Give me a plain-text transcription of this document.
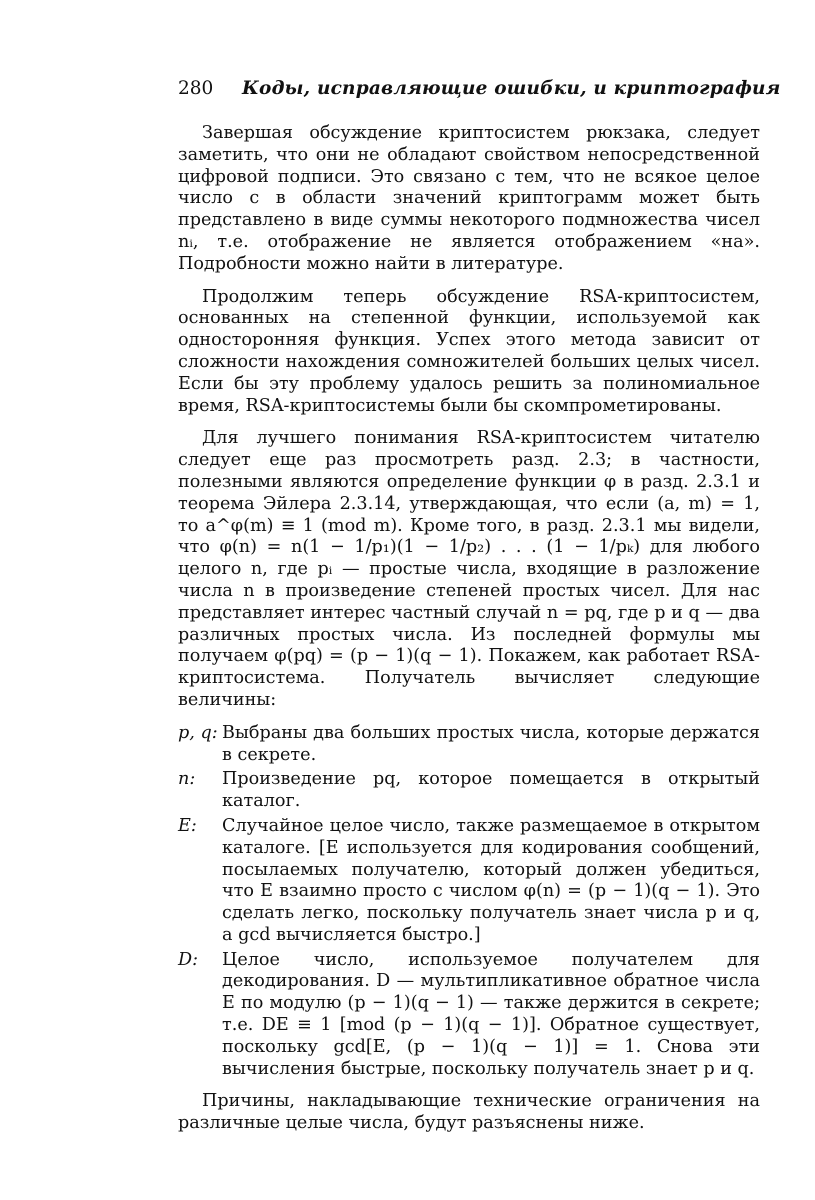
280 Коды, исправляющие ошибки, и криптография

Завершая обсуждение криптосистем рюкзака, следует заметить, что они не обладают свойством непосредственной цифровой подписи. Это связано с тем, что не всякое целое число c в области значений криптограмм может быть представлено в виде суммы некоторого подмножества чисел nᵢ, т.е. отображение не является отображением «на». Подробности можно найти в литературе.

Продолжим теперь обсуждение RSA-криптосистем, основанных на степенной функции, используемой как односторонняя функция. Успех этого метода зависит от сложности нахождения сомножителей больших целых чисел. Если бы эту проблему удалось решить за полиномиальное время, RSA-криптосистемы были бы скомпрометированы.

Для лучшего понимания RSA-криптосистем читателю следует еще раз просмотреть разд. 2.3; в частности, полезными являются определение функции φ в разд. 2.3.1 и теорема Эйлера 2.3.14, утверждающая, что если (a, m) = 1, то a^φ(m) ≡ 1 (mod m). Кроме того, в разд. 2.3.1 мы видели, что φ(n) = n(1 − 1/p₁)(1 − 1/p₂) . . . (1 − 1/pₖ) для любого целого n, где pᵢ — простые числа, входящие в разложение числа n в произведение степеней простых чисел. Для нас представляет интерес частный случай n = pq, где p и q — два различных простых числа. Из последней формулы мы получаем φ(pq) = (p − 1)(q − 1). Покажем, как работает RSA-криптосистема. Получатель вычисляет следующие величины:

p, q: Выбраны два больших простых числа, которые держатся в секрете.
n:	Произведение pq, которое помещается в открытый каталог.
E:	Случайное целое число, также размещаемое в открытом каталоге. [E используется для кодирования сообщений, посылаемых получателю, который должен убедиться, что E взаимно просто с числом φ(n) = (p − 1)(q − 1). Это сделать легко, поскольку получатель знает числа p и q, а gcd вычисляется быстро.]
D:	Целое число, используемое получателем для декодирования. D — мультипликативное обратное числа E по модулю (p − 1)(q − 1) — также держится в секрете; т.е. DE ≡ 1 [mod (p − 1)(q − 1)]. Обратное существует, поскольку gcd[E, (p − 1)(q − 1)] = 1. Снова эти вычисления быстрые, поскольку получатель знает p и q.

Причины, накладывающие технические ограничения на различные целые числа, будут разъяснены ниже.
